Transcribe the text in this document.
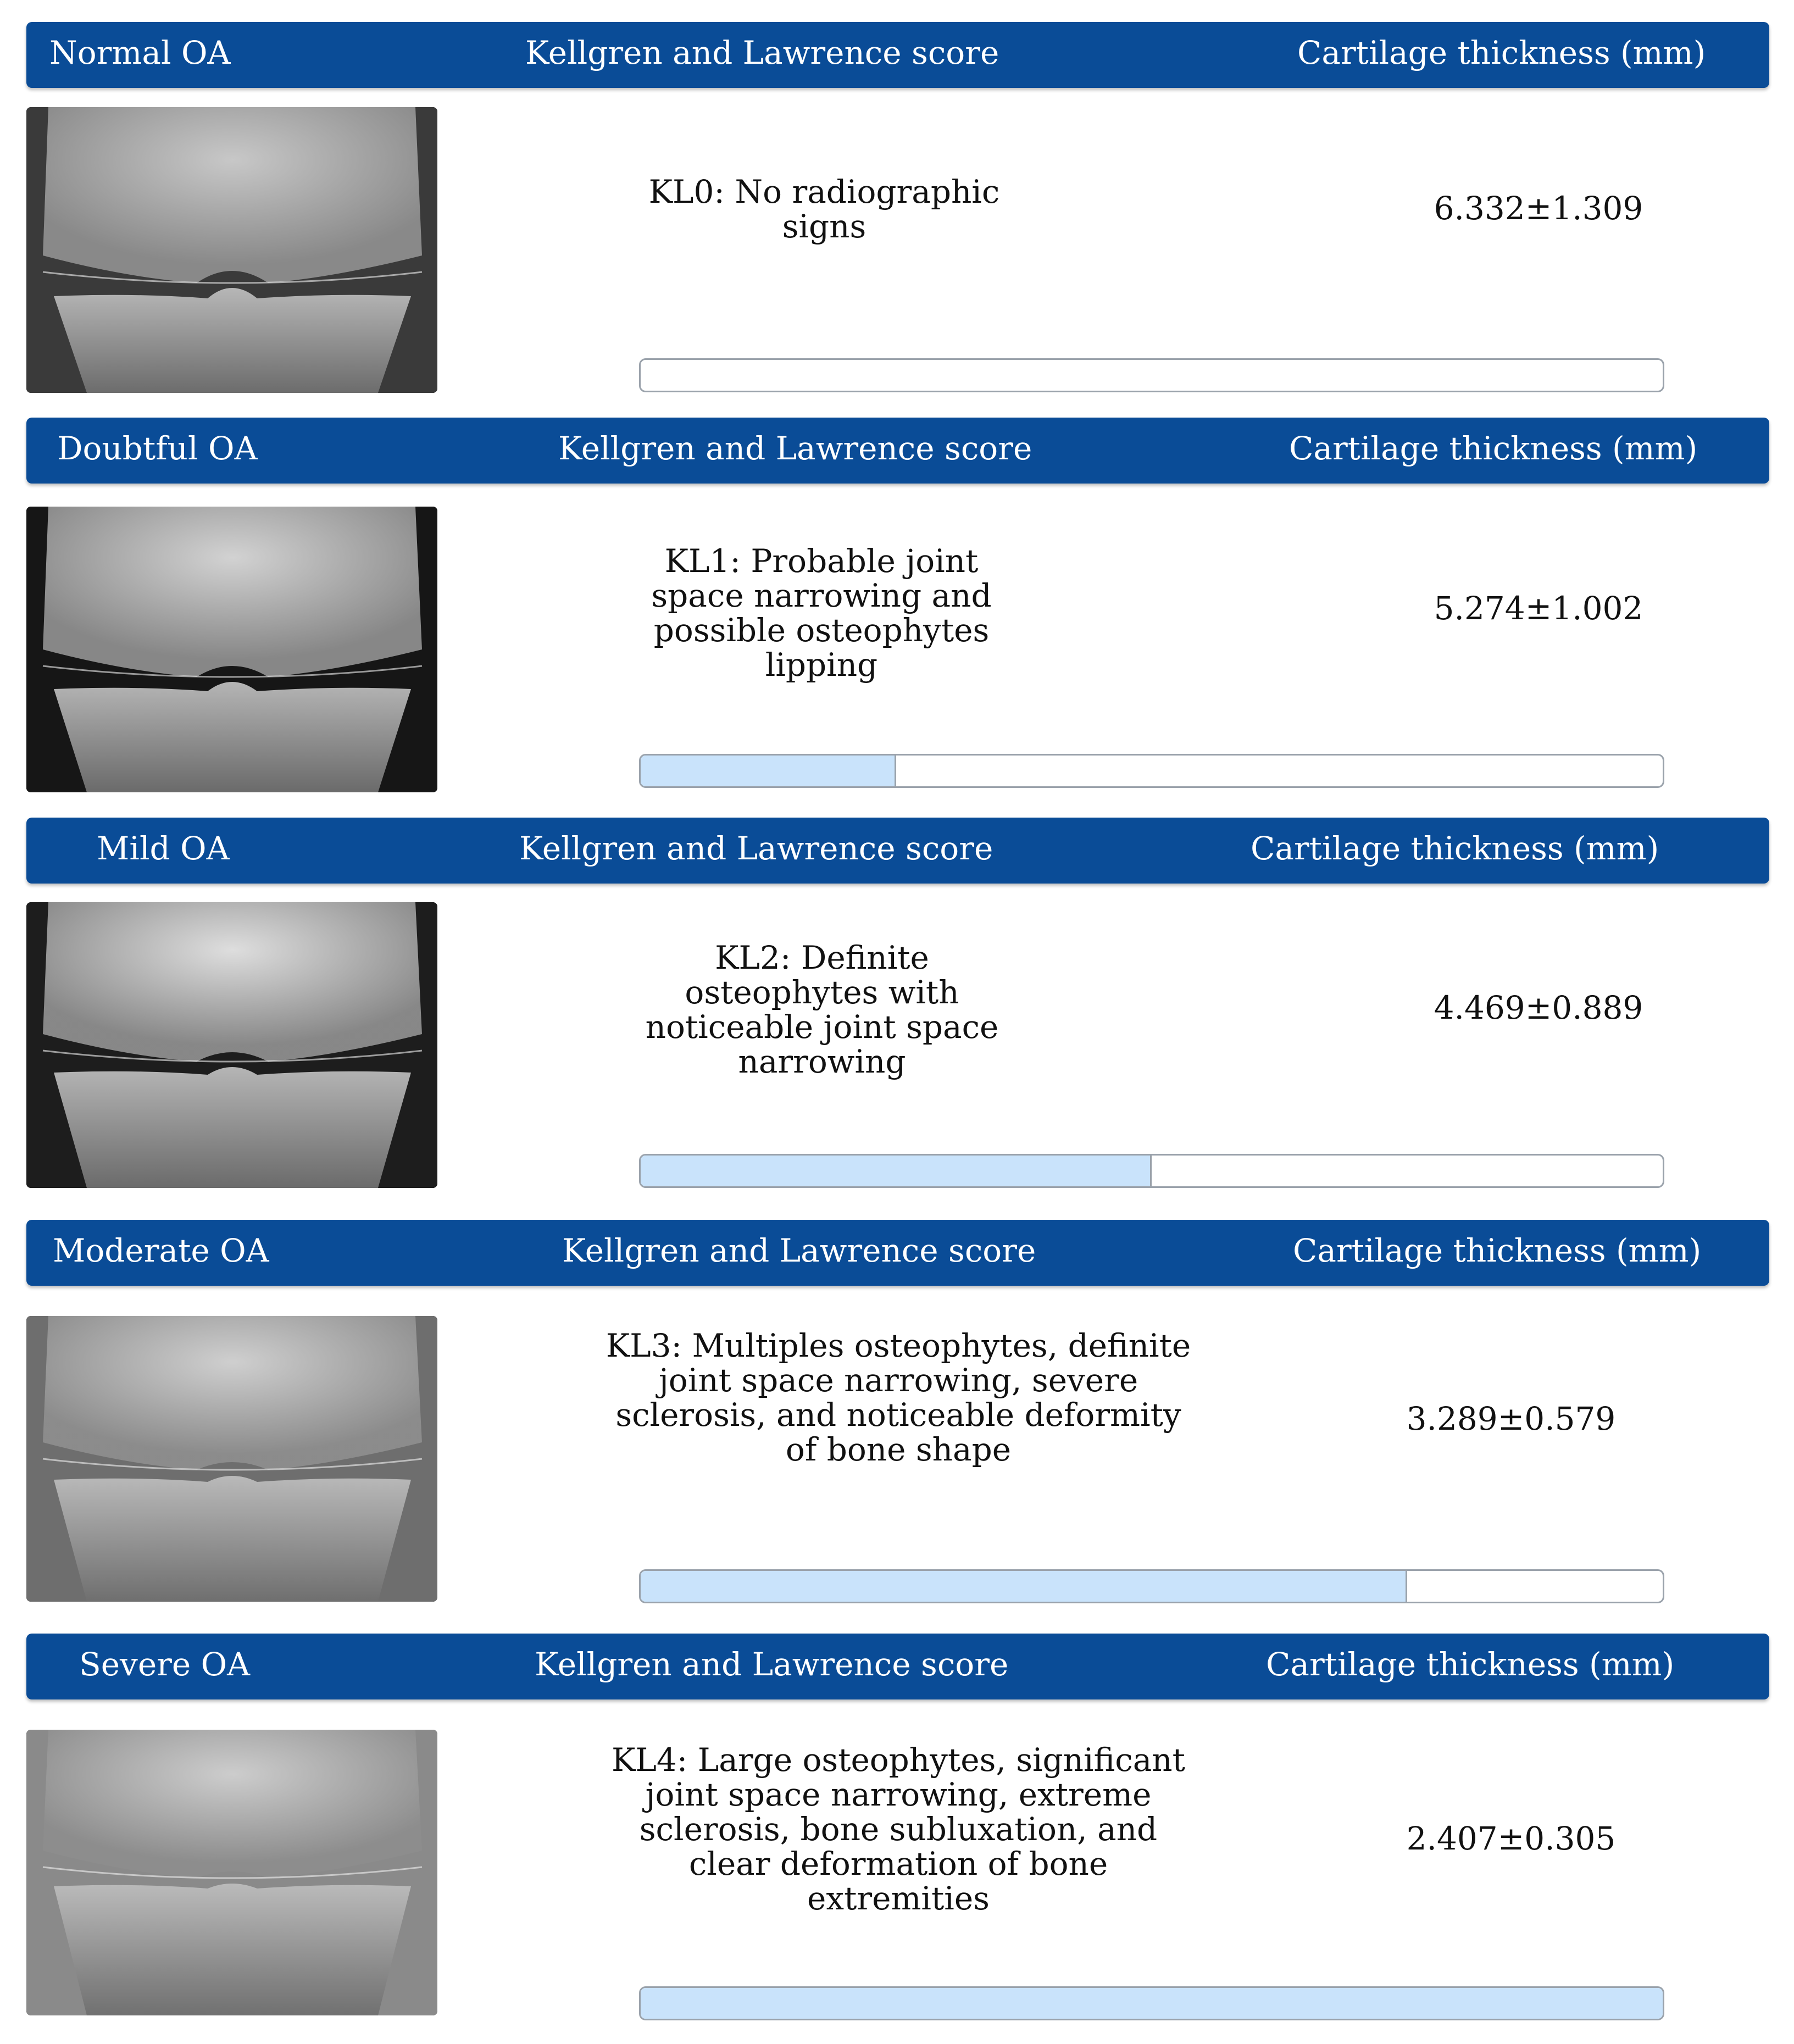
Normal OA	Kellgren and Lawrence score	Cartilage thickness (mm)
KL0: No radiographic signs	6.332±1.309
Doubtful OA	Kellgren and Lawrence score	Cartilage thickness (mm)
KL1: Probable joint space narrowing and possible osteophytes lipping
5.274±1.002
Mild OA	Kellgren and Lawrence score	Cartilage thickness (mm)
KL2: Definite osteophytes with noticeable joint space narrowing
4.469±0.889
Moderate OA	Kellgren and Lawrence score	Cartilage thickness (mm)
KL3: Multiples osteophytes, definite joint space narrowing, severe sclerosis, and noticeable deformity of bone shape
3.289±0.579
Severe OA	Kellgren and Lawrence score	Cartilage thickness (mm)
KL4: Large osteophytes, significant joint space narrowing, extreme sclerosis, bone subluxation, and clear deformation of bone extremities
2.407±0.305
